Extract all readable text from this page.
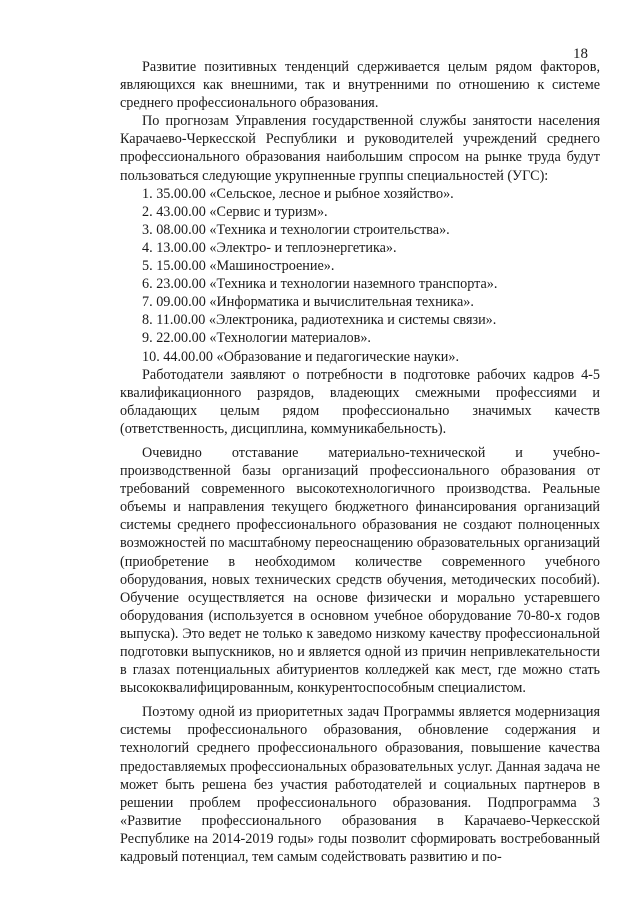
18

Развитие позитивных тенденций сдерживается целым рядом факторов, являющихся как внешними, так и внутренними по отношению к системе среднего профессионального образования.

По прогнозам Управления государственной службы занятости населения Карачаево-Черкесской Республики и руководителей учреждений среднего профессионального образования наибольшим спросом на рынке труда будут пользоваться следующие укрупненные группы специальностей (УГС):

1. 35.00.00 «Сельское, лесное и рыбное хозяйство».
2. 43.00.00 «Сервис и туризм».
3. 08.00.00 «Техника и технологии строительства».
4. 13.00.00 «Электро- и теплоэнергетика».
5. 15.00.00 «Машиностроение».
6. 23.00.00 «Техника и технологии наземного транспорта».
7. 09.00.00 «Информатика и вычислительная техника».
8. 11.00.00 «Электроника, радиотехника и системы связи».
9. 22.00.00 «Технологии материалов».
10. 44.00.00 «Образование и педагогические науки».

Работодатели заявляют о потребности в подготовке рабочих кадров 4-5 квалификационного разрядов, владеющих смежными профессиями и обладающих целым рядом профессионально значимых качеств (ответственность, дисциплина, коммуникабельность).

Очевидно отставание материально-технической и учебно-производственной базы организаций профессионального образования от требований современного высокотехнологичного производства. Реальные объемы и направления текущего бюджетного финансирования организаций системы среднего профессионального образования не создают полноценных возможностей по масштабному переоснащению образовательных организаций (приобретение в необходимом количестве современного учебного оборудования, новых технических средств обучения, методических пособий). Обучение осуществляется на основе физически и морально устаревшего оборудования (используется в основном учебное оборудование 70-80-х годов выпуска). Это ведет не только к заведомо низкому качеству профессиональной подготовки выпускников, но и является одной из причин непривлекательности в глазах потенциальных абитуриентов колледжей как мест, где можно стать высококвалифицированным, конкурентоспособным специалистом.

Поэтому одной из приоритетных задач Программы является модернизация системы профессионального образования, обновление содержания и технологий среднего профессионального образования, повышение качества предоставляемых профессиональных образовательных услуг. Данная задача не может быть решена без участия работодателей и социальных партнеров в решении проблем профессионального образования. Подпрограмма 3 «Развитие профессионального образования в Карачаево-Черкесской Республике на 2014-2019 годы» годы позволит сформировать востребованный кадровый потенциал, тем самым содействовать развитию и по-
